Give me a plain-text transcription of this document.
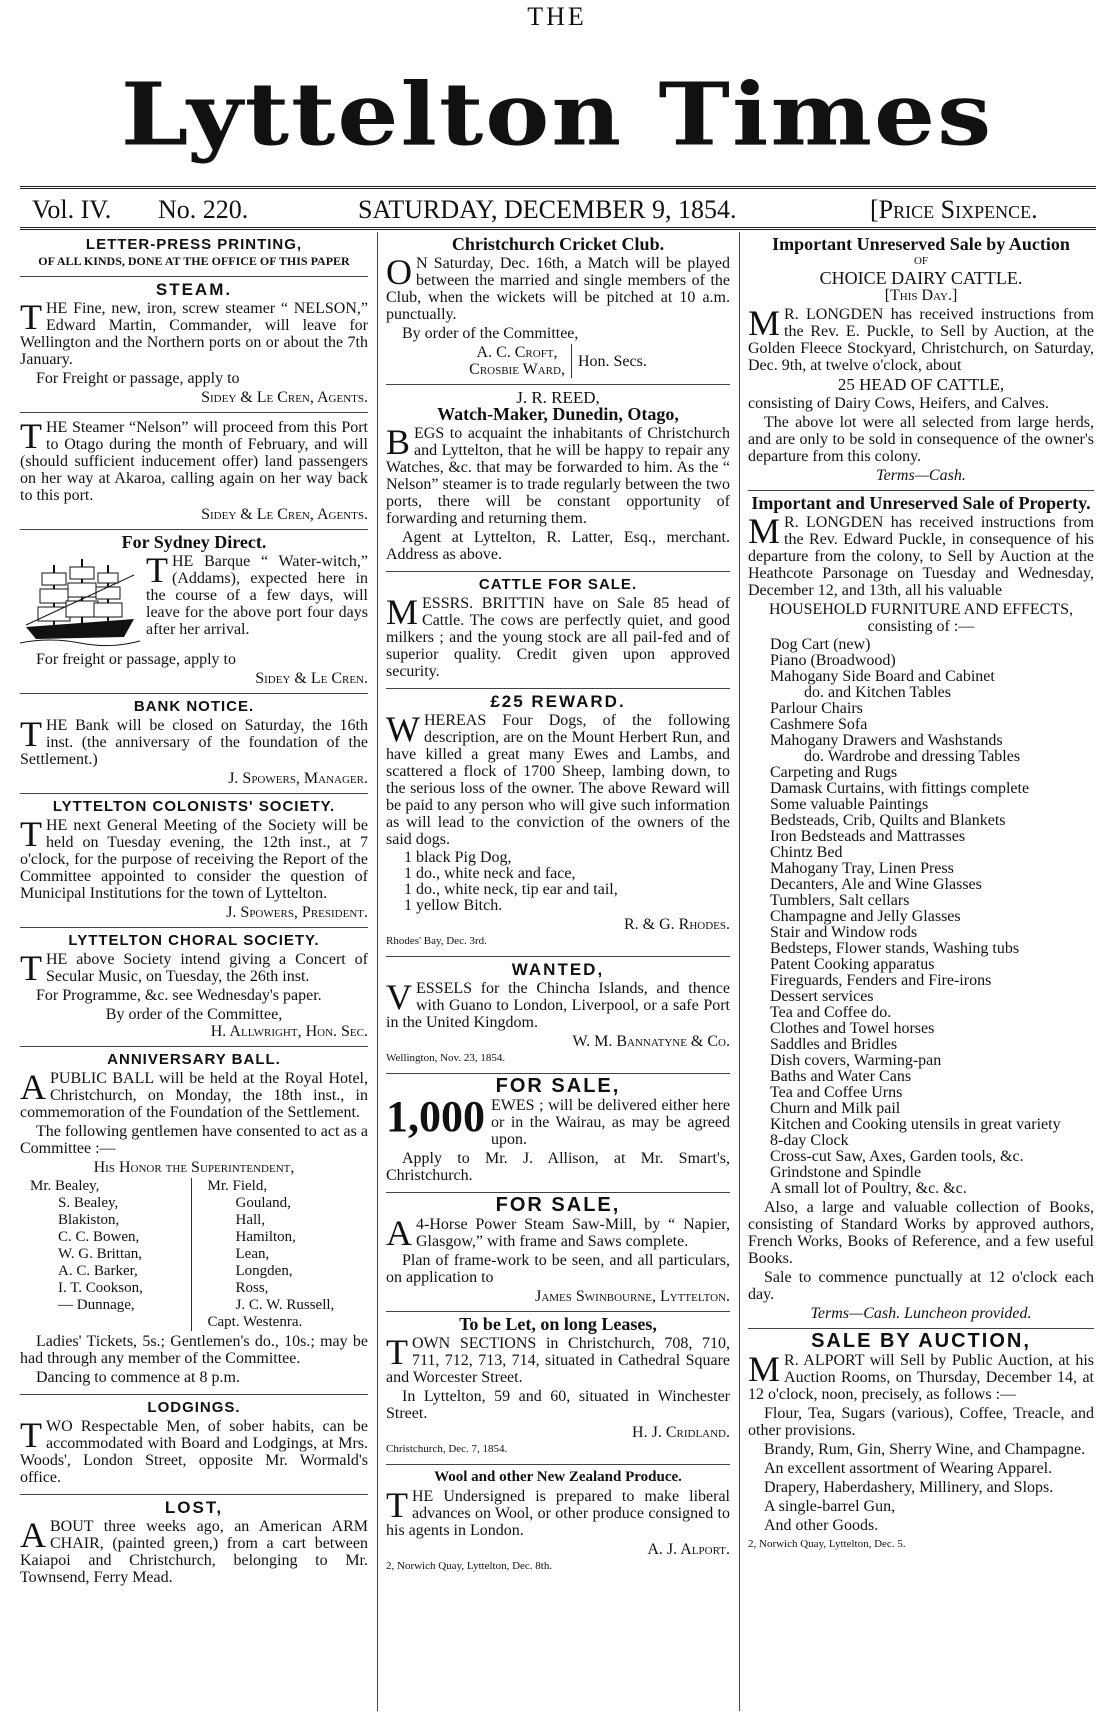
THE
Lyttelton Times
Vol. IV. No. 220.	SATURDAY, DECEMBER 9, 1854.	[Price Sixpence.
LETTER-PRESS PRINTING,
OF ALL KINDS, DONE AT THE OFFICE OF THIS PAPER
STEAM.
THE Fine, new, iron, screw steamer “ NELSON,” Edward Martin, Commander, will leave for Wellington and the Northern ports on or about the 7th January.
For Freight or passage, apply to
Sidey & Le Cren, Agents.
THE Steamer “Nelson” will proceed from this Port to Otago during the month of February, and will (should sufficient inducement offer) land passengers on her way at Akaroa, calling again on her way back to this port.
Sidey & Le Cren, Agents.
For Sydney Direct.
THE Barque “ Water-witch,” (Addams), expected here in the course of a few days, will leave for the above port four days after her arrival.
For freight or passage, apply to
Sidey & Le Cren.
BANK NOTICE.
THE Bank will be closed on Saturday, the 16th inst. (the anniversary of the foundation of the Settlement.)
J. Spowers, Manager.
LYTTELTON COLONISTS' SOCIETY.
THE next General Meeting of the Society will be held on Tuesday evening, the 12th inst., at 7 o'clock, for the purpose of receiving the Report of the Committee appointed to consider the question of Municipal Institutions for the town of Lyttelton.
J. Spowers, President.
LYTTELTON CHORAL SOCIETY.
THE above Society intend giving a Concert of Secular Music, on Tuesday, the 26th inst.
For Programme, &c. see Wednesday's paper.
By order of the Committee,
H. Allwright, Hon. Sec.
ANNIVERSARY BALL.
APUBLIC BALL will be held at the Royal Hotel, Christchurch, on Monday, the 18th inst., in commemoration of the Foundation of the Settlement.
The following gentlemen have consented to act as a Committee :—
His Honor the Superintendent,
Mr. Bealey,
S. Bealey,
Blakiston,
C. C. Bowen,
W. G. Brittan,
A. C. Barker,
I. T. Cookson,
— Dunnage,
Mr. Field,
Gouland,
Hall,
Hamilton,
Lean,
Longden,
Ross,
J. C. W. Russell,
Capt. Westenra.
Ladies' Tickets, 5s.; Gentlemen's do., 10s.; may be had through any member of the Committee.
Dancing to commence at 8 p.m.
LODGINGS.
TWO Respectable Men, of sober habits, can be accommodated with Board and Lodgings, at Mrs. Woods', London Street, opposite Mr. Wormald's office.
LOST,
ABOUT three weeks ago, an American ARM CHAIR, (painted green,) from a cart between Kaiapoi and Christchurch, belonging to Mr. Townsend, Ferry Mead.
Christchurch Cricket Club.
O N Saturday, Dec. 16th, a Match will be played between the married and single members of the Club, when the wickets will be pitched at 10 a.m. punctually.
By order of the Committee,
A. C. Croft,
Crosbie Ward, Hon. Secs.
J. R. REED,
Watch-Maker, Dunedin, Otago,
BEGS to acquaint the inhabitants of Christchurch and Lyttelton, that he will be happy to repair any Watches, &c. that may be forwarded to him. As the “ Nelson” steamer is to trade regularly between the two ports, there will be constant opportunity of forwarding and returning them.
Agent at Lyttelton, R. Latter, Esq., merchant. Address as above.
CATTLE FOR SALE.
MESSRS. BRITTIN have on Sale 85 head of Cattle. The cows are perfectly quiet, and good milkers ; and the young stock are all pail-fed and of superior quality. Credit given upon approved security.
£25 REWARD.
WHEREAS Four Dogs, of the following description, are on the Mount Herbert Run, and have killed a great many Ewes and Lambs, and scattered a flock of 1700 Sheep, lambing down, to the serious loss of the owner. The above Reward will be paid to any person who will give such information as will lead to the conviction of the owners of the said dogs.
1 black Pig Dog,
1 do., white neck and face,
1 do., white neck, tip ear and tail,
1 yellow Bitch.
R. & G. Rhodes.
Rhodes' Bay, Dec. 3rd.
WANTED,
VESSELS for the Chincha Islands, and thence with Guano to London, Liverpool, or a safe Port in the United Kingdom.
W. M. Bannatyne & Co.
Wellington, Nov. 23, 1854.
FOR SALE,
1,000 EWES ; will be delivered either here or in the Wairau, as may be agreed upon.
Apply to Mr. J. Allison, at Mr. Smart's, Christchurch.
FOR SALE,
A 4-Horse Power Steam Saw-Mill, by “ Napier, Glasgow,” with frame and Saws complete.
Plan of frame-work to be seen, and all particulars, on application to
James Swinbourne, Lyttelton.
To be Let, on long Leases,
TOWN SECTIONS in Christchurch, 708, 710, 711, 712, 713, 714, situated in Cathedral Square and Worcester Street.
In Lyttelton, 59 and 60, situated in Winchester Street.
H. J. Cridland.
Christchurch, Dec. 7, 1854.
Wool and other New Zealand Produce.
THE Undersigned is prepared to make liberal advances on Wool, or other produce consigned to his agents in London.
A. J. Alport.
2, Norwich Quay, Lyttelton, Dec. 8th.
Important Unreserved Sale by Auction
OF
CHOICE DAIRY CATTLE.
[This Day.]
M R. LONGDEN has received instructions from the Rev. E. Puckle, to Sell by Auction, at the Golden Fleece Stockyard, Christchurch, on Saturday, Dec. 9th, at twelve o'clock, about
25 HEAD OF CATTLE,
consisting of Dairy Cows, Heifers, and Calves.
The above lot were all selected from large herds, and are only to be sold in consequence of the owner's departure from this colony.
Terms—Cash.
Important and Unreserved Sale of Property.
M R. LONGDEN has received instructions from the Rev. Edward Puckle, in consequence of his departure from the colony, to Sell by Auction at the Heathcote Parsonage on Tuesday and Wednesday, December 12, and 13th, all his valuable
HOUSEHOLD FURNITURE AND EFFECTS, consisting of :—
Dog Cart (new)
Piano (Broadwood)
Mahogany Side Board and Cabinet
do. and Kitchen Tables
Parlour Chairs
Cashmere Sofa
Mahogany Drawers and Washstands
do. Wardrobe and dressing Tables
Carpeting and Rugs
Damask Curtains, with fittings complete
Some valuable Paintings
Bedsteads, Crib, Quilts and Blankets
Iron Bedsteads and Mattrasses
Chintz Bed
Mahogany Tray, Linen Press
Decanters, Ale and Wine Glasses
Tumblers, Salt cellars
Champagne and Jelly Glasses
Stair and Window rods
Bedsteps, Flower stands, Washing tubs
Patent Cooking apparatus
Fireguards, Fenders and Fire-irons
Dessert services
Tea and Coffee do.
Clothes and Towel horses
Saddles and Bridles
Dish covers, Warming-pan
Baths and Water Cans
Tea and Coffee Urns
Churn and Milk pail
Kitchen and Cooking utensils in great variety
8-day Clock
Cross-cut Saw, Axes, Garden tools, &c.
Grindstone and Spindle
A small lot of Poultry, &c. &c.
Also, a large and valuable collection of Books, consisting of Standard Works by approved authors, French Works, Books of Reference, and a few useful Books.
Sale to commence punctually at 12 o'clock each day.
Terms—Cash. Luncheon provided.
SALE BY AUCTION,
M R. ALPORT will Sell by Public Auction, at his Auction Rooms, on Thursday, December 14, at 12 o'clock, noon, precisely, as follows :—
Flour, Tea, Sugars (various), Coffee, Treacle, and other provisions.
Brandy, Rum, Gin, Sherry Wine, and Champagne.
An excellent assortment of Wearing Apparel.
Drapery, Haberdashery, Millinery, and Slops.
A single-barrel Gun,
And other Goods.
2, Norwich Quay, Lyttelton, Dec. 5.
